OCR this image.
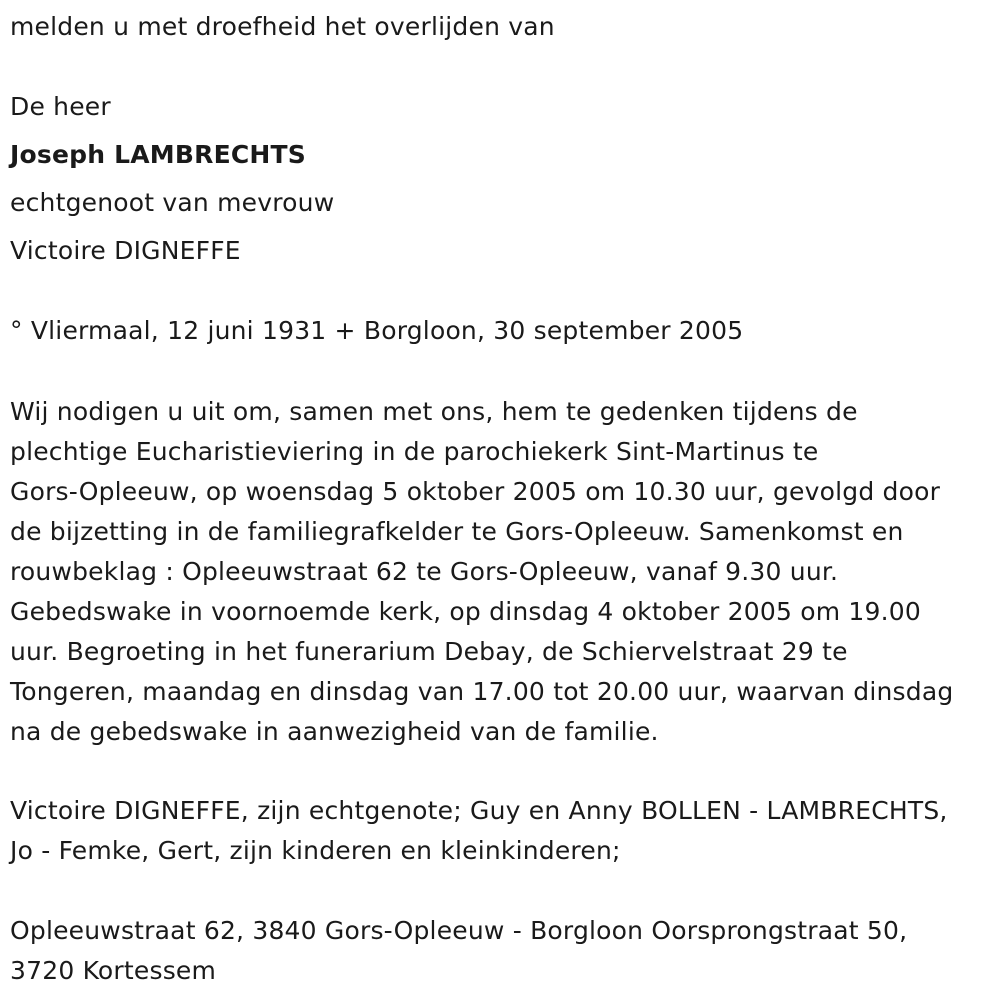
melden u met droefheid het overlijden van
De heer
Joseph LAMBRECHTS
echtgenoot van mevrouw
Victoire DIGNEFFE
° Vliermaal, 12 juni 1931 + Borgloon, 30 september 2005
Wij nodigen u uit om, samen met ons, hem te gedenken tijdens de
plechtige Eucharistieviering in de parochiekerk Sint-Martinus te
Gors-Opleeuw, op woensdag 5 oktober 2005 om 10.30 uur, gevolgd door
de bijzetting in de familiegrafkelder te Gors-Opleeuw. Samenkomst en
rouwbeklag : Opleeuwstraat 62 te Gors-Opleeuw, vanaf 9.30 uur.
Gebedswake in voornoemde kerk, op dinsdag 4 oktober 2005 om 19.00
uur. Begroeting in het funerarium Debay, de Schiervelstraat 29 te
Tongeren, maandag en dinsdag van 17.00 tot 20.00 uur, waarvan dinsdag
na de gebedswake in aanwezigheid van de familie.
Victoire DIGNEFFE, zijn echtgenote; Guy en Anny BOLLEN - LAMBRECHTS,
Jo - Femke, Gert, zijn kinderen en kleinkinderen;
Opleeuwstraat 62, 3840 Gors-Opleeuw - Borgloon Oorsprongstraat 50,
3720 Kortessem
